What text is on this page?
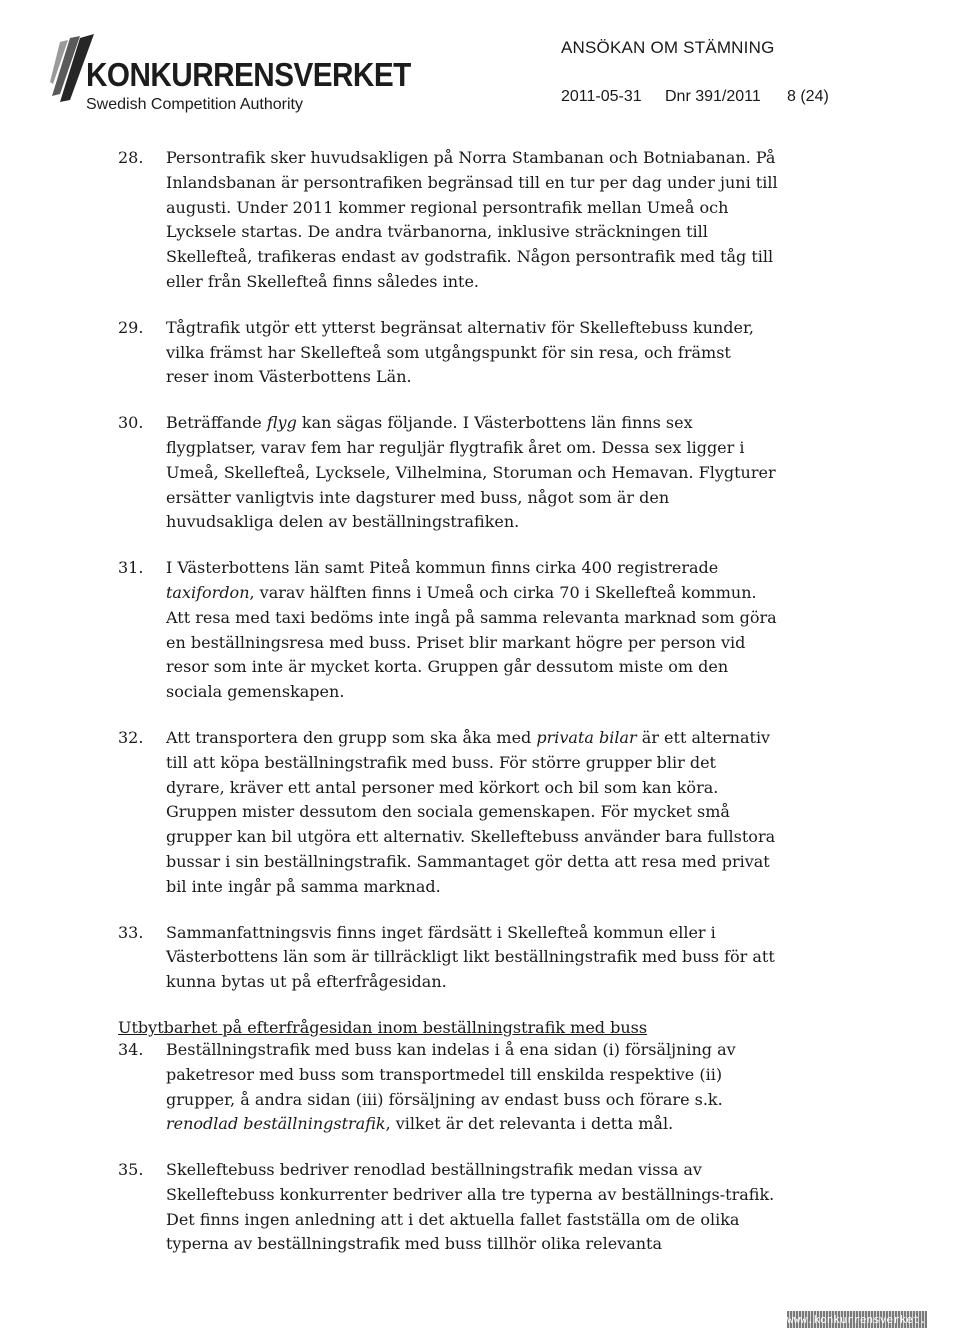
KONKURRENSVERKET
Swedish Competition Authority
ANSÖKAN OM STÄMNING
2011-05-31 Dnr 391/2011 8 (24)
28. Persontrafik sker huvudsakligen på Norra Stambanan och Botniabanan. På Inlandsbanan är persontrafiken begränsad till en tur per dag under juni till augusti. Under 2011 kommer regional persontrafik mellan Umeå och Lycksele startas. De andra tvärbanorna, inklusive sträckningen till Skellefteå, trafikeras endast av godstrafik. Någon persontrafik med tåg till eller från Skellefteå finns således inte.

29. Tågtrafik utgör ett ytterst begränsat alternativ för Skelleftebuss kunder, vilka främst har Skellefteå som utgångspunkt för sin resa, och främst reser inom Västerbottens Län.

30. Beträffande flyg kan sägas följande. I Västerbottens län finns sex flygplatser, varav fem har reguljär flygtrafik året om. Dessa sex ligger i Umeå, Skellefteå, Lycksele, Vilhelmina, Storuman och Hemavan. Flygturer ersätter vanligtvis inte dagsturer med buss, något som är den huvudsakliga delen av beställningstrafiken.

31. I Västerbottens län samt Piteå kommun finns cirka 400 registrerade taxifordon, varav hälften finns i Umeå och cirka 70 i Skellefteå kommun. Att resa med taxi bedöms inte ingå på samma relevanta marknad som göra en beställningsresa med buss. Priset blir markant högre per person vid resor som inte är mycket korta. Gruppen går dessutom miste om den sociala gemenskapen.

32. Att transportera den grupp som ska åka med privata bilar är ett alternativ till att köpa beställningstrafik med buss. För större grupper blir det dyrare, kräver ett antal personer med körkort och bil som kan köra. Gruppen mister dessutom den sociala gemenskapen. För mycket små grupper kan bil utgöra ett alternativ. Skelleftebuss använder bara fullstora bussar i sin beställningstrafik. Sammantaget gör detta att resa med privat bil inte ingår på samma marknad.

33. Sammanfattningsvis finns inget färdsätt i Skellefteå kommun eller i Västerbottens län som är tillräckligt likt beställningstrafik med buss för att kunna bytas ut på efterfrågesidan.

Utbytbarhet på efterfrågesidan inom beställningstrafik med buss
34. Beställningstrafik med buss kan indelas i å ena sidan (i) försäljning av paketresor med buss som transportmedel till enskilda respektive (ii) grupper, å andra sidan (iii) försäljning av endast buss och förare s.k. renodlad beställningstrafik, vilket är det relevanta i detta mål.

35. Skelleftebuss bedriver renodlad beställningstrafik medan vissa av Skelleftebuss konkurrenter bedriver alla tre typerna av beställnings-trafik. Det finns ingen anledning att i det aktuella fallet fastställa om de olika typerna av beställningstrafik med buss tillhör olika relevanta

www.konkurrensverket.se
